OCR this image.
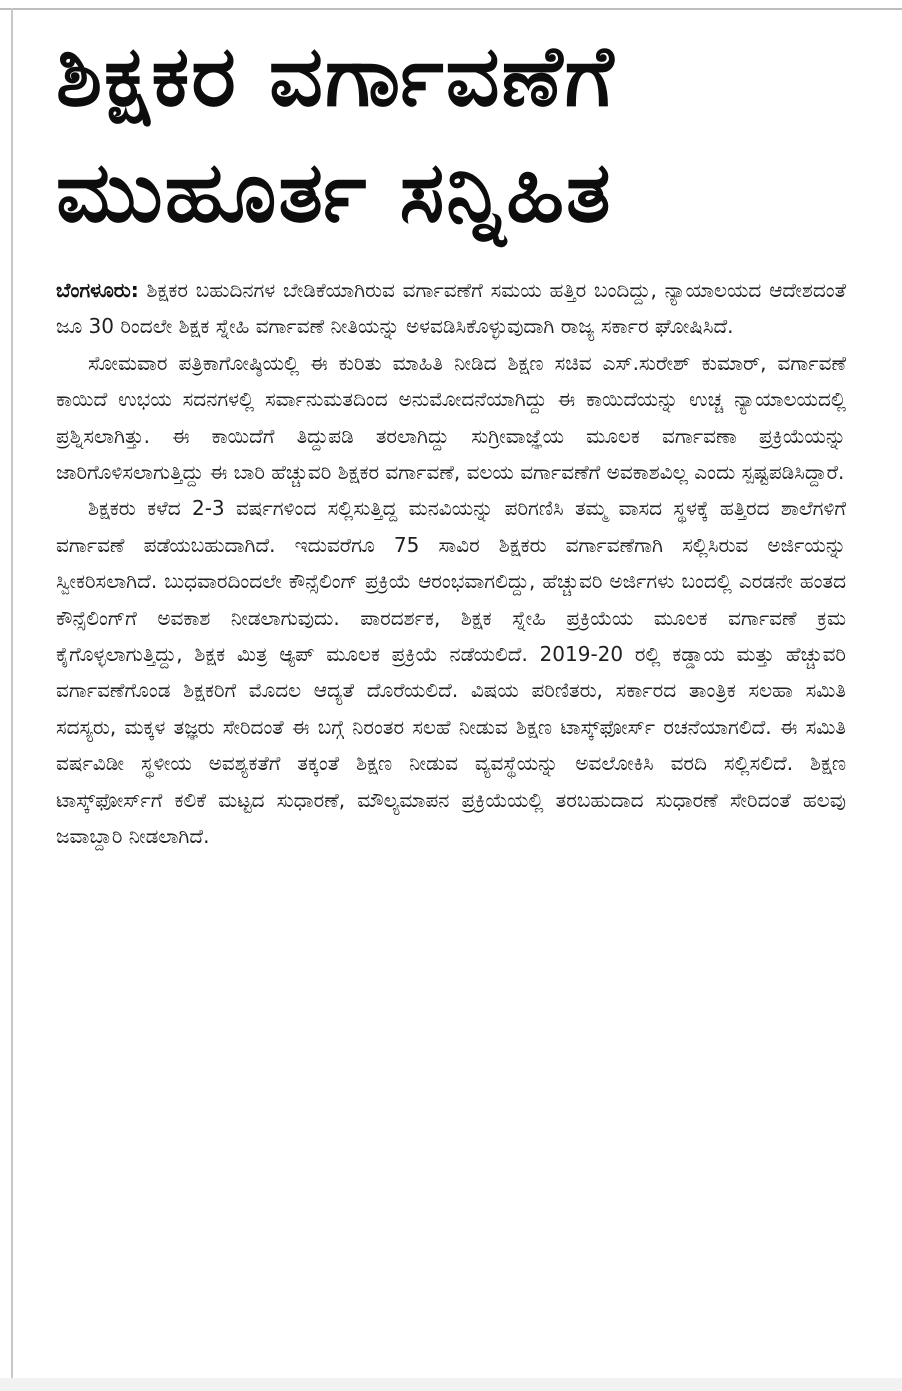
ಶಿಕ್ಷಕರ ವರ್ಗಾವಣೆಗೆ
ಮುಹೂರ್ತ ಸನ್ನಿಹಿತ

ಬೆಂಗಳೂರು: ಶಿಕ್ಷಕರ ಬಹುದಿನಗಳ ಬೇಡಿಕೆಯಾಗಿರುವ ವರ್ಗಾವಣೆಗೆ ಸಮಯ ಹತ್ತಿರ ಬಂದಿದ್ದು, ನ್ಯಾಯಾಲಯದ ಆದೇಶದಂತೆ ಜೂ 30 ರಿಂದಲೇ ಶಿಕ್ಷಕ ಸ್ನೇಹಿ ವರ್ಗಾವಣೆ ನೀತಿಯನ್ನು ಅಳವಡಿಸಿಕೊಳ್ಳುವುದಾಗಿ ರಾಜ್ಯ ಸರ್ಕಾರ ಘೋಷಿಸಿದೆ.

ಸೋಮವಾರ ಪತ್ರಿಕಾಗೋಷ್ಠಿಯಲ್ಲಿ ಈ ಕುರಿತು ಮಾಹಿತಿ ನೀಡಿದ ಶಿಕ್ಷಣ ಸಚಿವ ಎಸ್.ಸುರೇಶ್ ಕುಮಾರ್, ವರ್ಗಾವಣೆ ಕಾಯಿದೆ ಉಭಯ ಸದನಗಳಲ್ಲಿ ಸರ್ವಾನುಮತದಿಂದ ಅನುಮೋದನೆಯಾಗಿದ್ದು ಈ ಕಾಯಿದೆಯನ್ನು ಉಚ್ಚ ನ್ಯಾಯಾಲಯದಲ್ಲಿ ಪ್ರಶ್ನಿಸಲಾಗಿತ್ತು. ಈ ಕಾಯಿದೆಗೆ ತಿದ್ದುಪಡಿ ತರಲಾಗಿದ್ದು ಸುಗ್ರೀವಾಜ್ಞೆಯ ಮೂಲಕ ವರ್ಗಾವಣಾ ಪ್ರಕ್ರಿಯೆಯನ್ನು ಜಾರಿಗೊಳಿಸಲಾಗುತ್ತಿದ್ದು ಈ ಬಾರಿ ಹೆಚ್ಚುವರಿ ಶಿಕ್ಷಕರ ವರ್ಗಾವಣೆ, ವಲಯ ವರ್ಗಾವಣೆಗೆ ಅವಕಾಶವಿಲ್ಲ ಎಂದು ಸ್ಪಷ್ಟಪಡಿಸಿದ್ದಾರೆ.

ಶಿಕ್ಷಕರು ಕಳೆದ 2-3 ವರ್ಷಗಳಿಂದ ಸಲ್ಲಿಸುತ್ತಿದ್ದ ಮನವಿಯನ್ನು ಪರಿಗಣಿಸಿ ತಮ್ಮ ವಾಸದ ಸ್ಥಳಕ್ಕೆ ಹತ್ತಿರದ ಶಾಲೆಗಳಿಗೆ ವರ್ಗಾವಣೆ ಪಡೆಯಬಹುದಾಗಿದೆ. ಇದುವರೆಗೂ 75 ಸಾವಿರ ಶಿಕ್ಷಕರು ವರ್ಗಾವಣೆಗಾಗಿ ಸಲ್ಲಿಸಿರುವ ಅರ್ಜಿಯನ್ನು ಸ್ವೀಕರಿಸಲಾಗಿದೆ. ಬುಧವಾರದಿಂದಲೇ ಕೌನ್ಸೆಲಿಂಗ್ ಪ್ರಕ್ರಿಯೆ ಆರಂಭವಾಗಲಿದ್ದು, ಹೆಚ್ಚುವರಿ ಅರ್ಜಿಗಳು ಬಂದಲ್ಲಿ ಎರಡನೇ ಹಂತದ ಕೌನ್ಸೆಲಿಂಗ್‌ಗೆ ಅವಕಾಶ ನೀಡಲಾಗುವುದು. ಪಾರದರ್ಶಕ, ಶಿಕ್ಷಕ ಸ್ನೇಹಿ ಪ್ರಕ್ರಿಯೆಯ ಮೂಲಕ ವರ್ಗಾವಣೆ ಕ್ರಮ ಕೈಗೊಳ್ಳಲಾಗುತ್ತಿದ್ದು, ಶಿಕ್ಷಕ ಮಿತ್ರ ಆ್ಯಪ್ ಮೂಲಕ ಪ್ರಕ್ರಿಯೆ ನಡೆಯಲಿದೆ. 2019-20 ರಲ್ಲಿ ಕಡ್ಡಾಯ ಮತ್ತು ಹೆಚ್ಚುವರಿ ವರ್ಗಾವಣೆಗೊಂಡ ಶಿಕ್ಷಕರಿಗೆ ಮೊದಲ ಆದ್ಯತೆ ದೊರೆಯಲಿದೆ. ವಿಷಯ ಪರಿಣಿತರು, ಸರ್ಕಾರದ ತಾಂತ್ರಿಕ ಸಲಹಾ ಸಮಿತಿ ಸದಸ್ಯರು, ಮಕ್ಕಳ ತಜ್ಞರು ಸೇರಿದಂತೆ ಈ ಬಗ್ಗೆ ನಿರಂತರ ಸಲಹೆ ನೀಡುವ ಶಿಕ್ಷಣ ಟಾಸ್ಕ್‌ಫೋರ್ಸ್ ರಚನೆಯಾಗಲಿದೆ. ಈ ಸಮಿತಿ ವರ್ಷವಿಡೀ ಸ್ಥಳೀಯ ಅವಶ್ಯಕತೆಗೆ ತಕ್ಕಂತೆ ಶಿಕ್ಷಣ ನೀಡುವ ವ್ಯವಸ್ಥೆಯನ್ನು ಅವಲೋಕಿಸಿ ವರದಿ ಸಲ್ಲಿಸಲಿದೆ. ಶಿಕ್ಷಣ ಟಾಸ್ಕ್‌ಫೋರ್ಸ್‌ಗೆ ಕಲಿಕೆ ಮಟ್ಟದ ಸುಧಾರಣೆ, ಮೌಲ್ಯಮಾಪನ ಪ್ರಕ್ರಿಯೆಯಲ್ಲಿ ತರಬಹುದಾದ ಸುಧಾರಣೆ ಸೇರಿದಂತೆ ಹಲವು ಜವಾಬ್ದಾರಿ ನೀಡಲಾಗಿದೆ.
